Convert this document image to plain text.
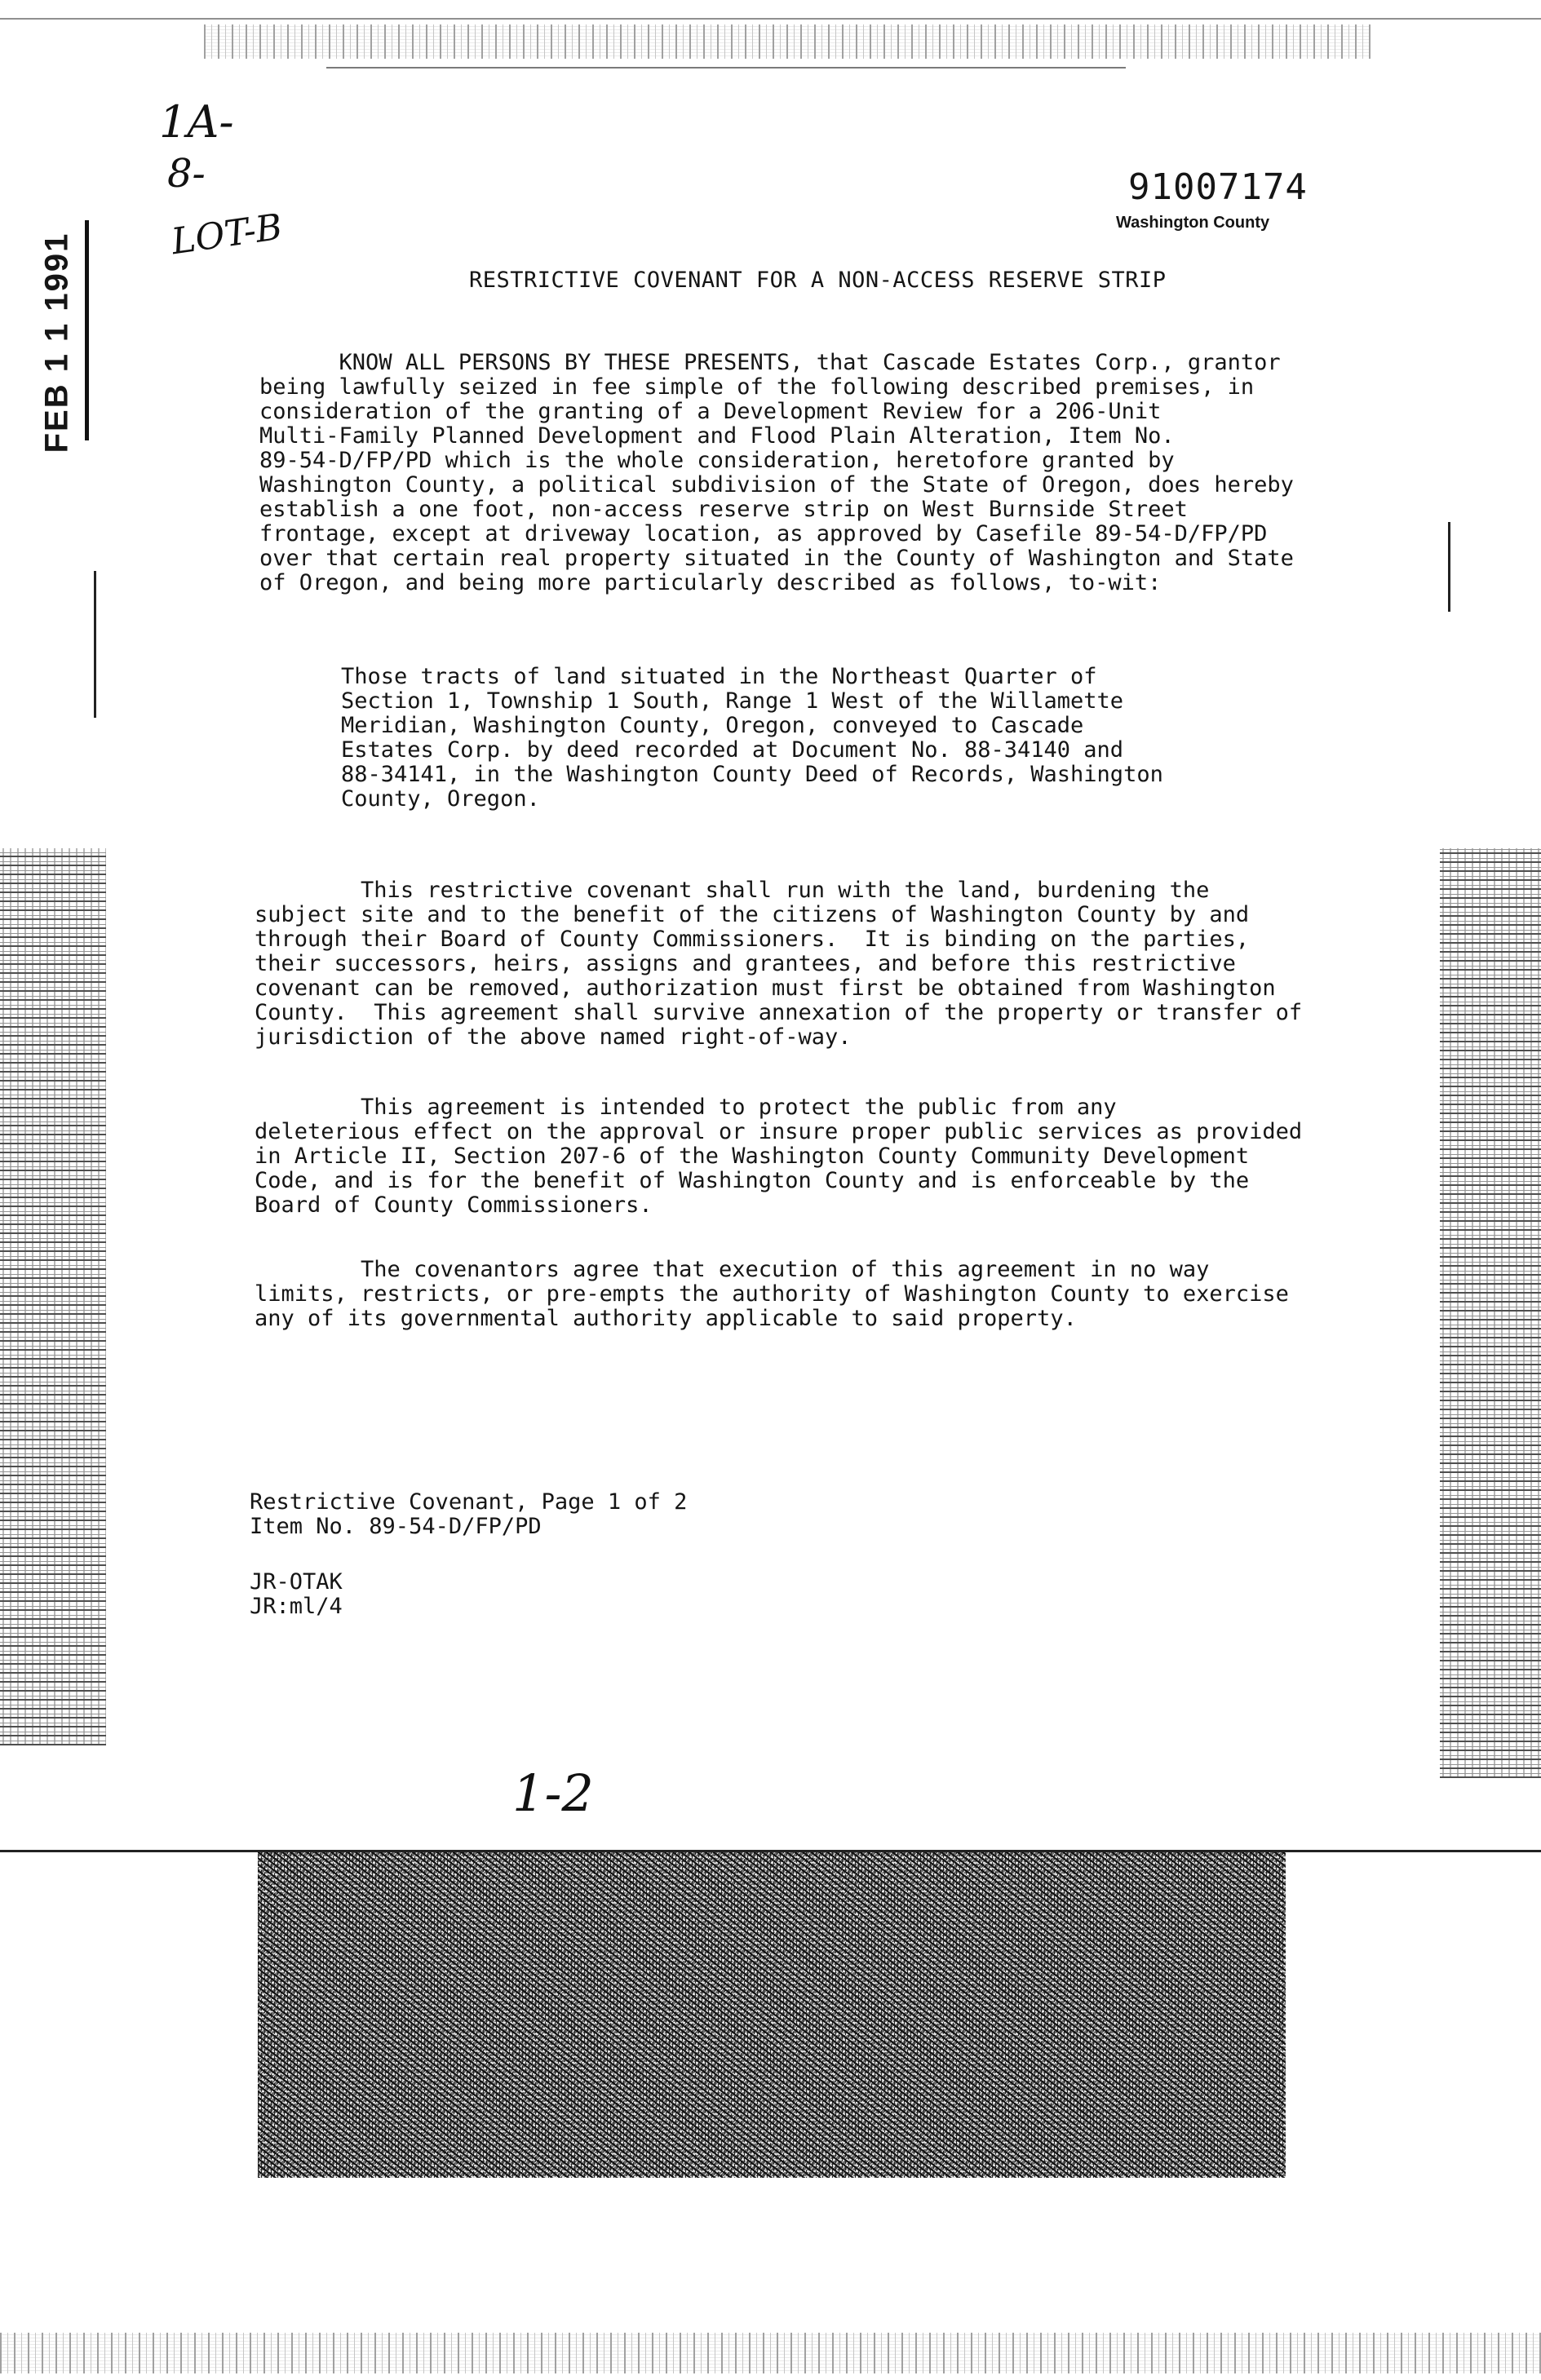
1A-
8-
LOT-B
1-2
FEB 1 1 1991
91007174
Washington County
RESTRICTIVE COVENANT FOR A NON-ACCESS RESERVE STRIP
KNOW ALL PERSONS BY THESE PRESENTS, that Cascade Estates Corp., grantor
being lawfully seized in fee simple of the following described premises, in
consideration of the granting of a Development Review for a 206-Unit
Multi-Family Planned Development and Flood Plain Alteration, Item No.
89-54-D/FP/PD which is the whole consideration, heretofore granted by
Washington County, a political subdivision of the State of Oregon, does hereby
establish a one foot, non-access reserve strip on West Burnside Street
frontage, except at driveway location, as approved by Casefile 89-54-D/FP/PD
over that certain real property situated in the County of Washington and State
of Oregon, and being more particularly described as follows, to-wit:
Those tracts of land situated in the Northeast Quarter of
Section 1, Township 1 South, Range 1 West of the Willamette
Meridian, Washington County, Oregon, conveyed to Cascade
Estates Corp. by deed recorded at Document No. 88-34140 and
88-34141, in the Washington County Deed of Records, Washington
County, Oregon.
This restrictive covenant shall run with the land, burdening the
subject site and to the benefit of the citizens of Washington County by and
through their Board of County Commissioners.  It is binding on the parties,
their successors, heirs, assigns and grantees, and before this restrictive
covenant can be removed, authorization must first be obtained from Washington
County.  This agreement shall survive annexation of the property or transfer of
jurisdiction of the above named right-of-way.
This agreement is intended to protect the public from any
deleterious effect on the approval or insure proper public services as provided
in Article II, Section 207-6 of the Washington County Community Development
Code, and is for the benefit of Washington County and is enforceable by the
Board of County Commissioners.
The covenantors agree that execution of this agreement in no way
limits, restricts, or pre-empts the authority of Washington County to exercise
any of its governmental authority applicable to said property.
Restrictive Covenant, Page 1 of 2
Item No. 89-54-D/FP/PD
JR-OTAK
JR:ml/4
